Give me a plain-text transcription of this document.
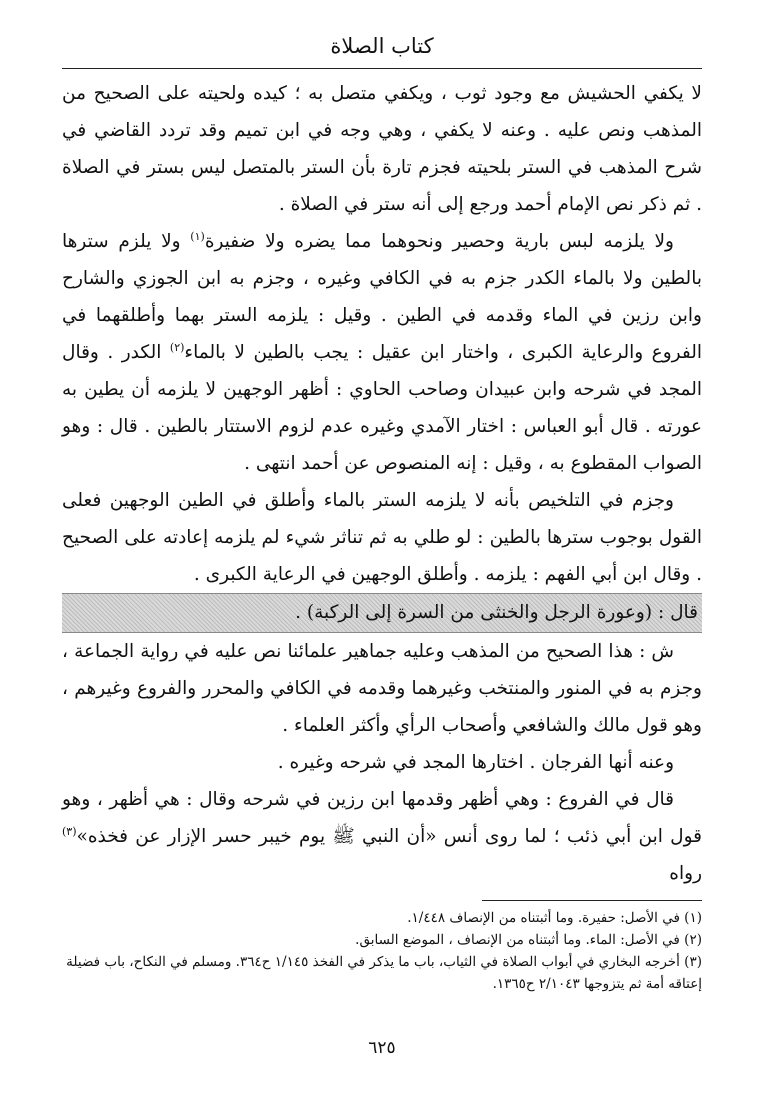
كتاب الصلاة

لا يكفي الحشيش مع وجود ثوب ، ويكفي متصل به ؛ كيده ولحيته على الصحيح من المذهب ونص عليه . وعنه لا يكفي ، وهي وجه في ابن تميم وقد تردد القاضي في شرح المذهب في الستر بلحيته فجزم تارة بأن الستر بالمتصل ليس بستر في الصلاة . ثم ذكر نص الإمام أحمد ورجع إلى أنه ستر في الصلاة .

ولا يلزمه لبس بارية وحصير ونحوهما مما يضره ولا ضفيرة$^{(١)}$ ولا يلزم سترها بالطين ولا بالماء الكدر جزم به في الكافي وغيره ، وجزم به ابن الجوزي والشارح وابن رزين في الماء وقدمه في الطين . وقيل : يلزمه الستر بهما وأطلقهما في الفروع والرعاية الكبرى ، واختار ابن عقيل : يجب بالطين لا بالماء$^{(٢)}$ الكدر . وقال المجد في شرحه وابن عبيدان وصاحب الحاوي : أظهر الوجهين لا يلزمه أن يطين به عورته . قال أبو العباس : اختار الآمدي وغيره عدم لزوم الاستتار بالطين . قال : وهو الصواب المقطوع به ، وقيل : إنه المنصوص عن أحمد انتهى .

وجزم في التلخيص بأنه لا يلزمه الستر بالماء وأطلق في الطين الوجهين فعلى القول بوجوب سترها بالطين : لو طلي به ثم تناثر شيء لم يلزمه إعادته على الصحيح . وقال ابن أبي الفهم : يلزمه . وأطلق الوجهين في الرعاية الكبرى .

قال : (وعورة الرجل والخنثى من السرة إلى الركبة) .

ش : هذا الصحيح من المذهب وعليه جماهير علمائنا نص عليه في رواية الجماعة ، وجزم به في المنور والمنتخب وغيرهما وقدمه في الكافي والمحرر والفروع وغيرهم ، وهو قول مالك والشافعي وأصحاب الرأي وأكثر العلماء .

وعنه أنها الفرجان . اختارها المجد في شرحه وغيره .

قال في الفروع : وهي أظهر وقدمها ابن رزين في شرحه وقال : هي أظهر ، وهو قول ابن أبي ذئب ؛ لما روى أنس «أن النبي ﷺ يوم خيبر حسر الإزار عن فخذه»$^{(٣)}$ رواه

(١) في الأصل: حفيرة. وما أثبتناه من الإنصاف ١/٤٤٨.

(٢) في الأصل: الماء. وما أثبتناه من الإنصاف ، الموضع السابق.

(٣) أخرجه البخاري في أبواب الصلاة في الثياب، باب ما يذكر في الفخذ ١/١٤٥ ح٣٦٤. ومسلم في النكاح، باب فضيلة إعتاقه أمة ثم يتزوجها ٢/١٠٤٣ ح١٣٦٥.

٦٢٥
